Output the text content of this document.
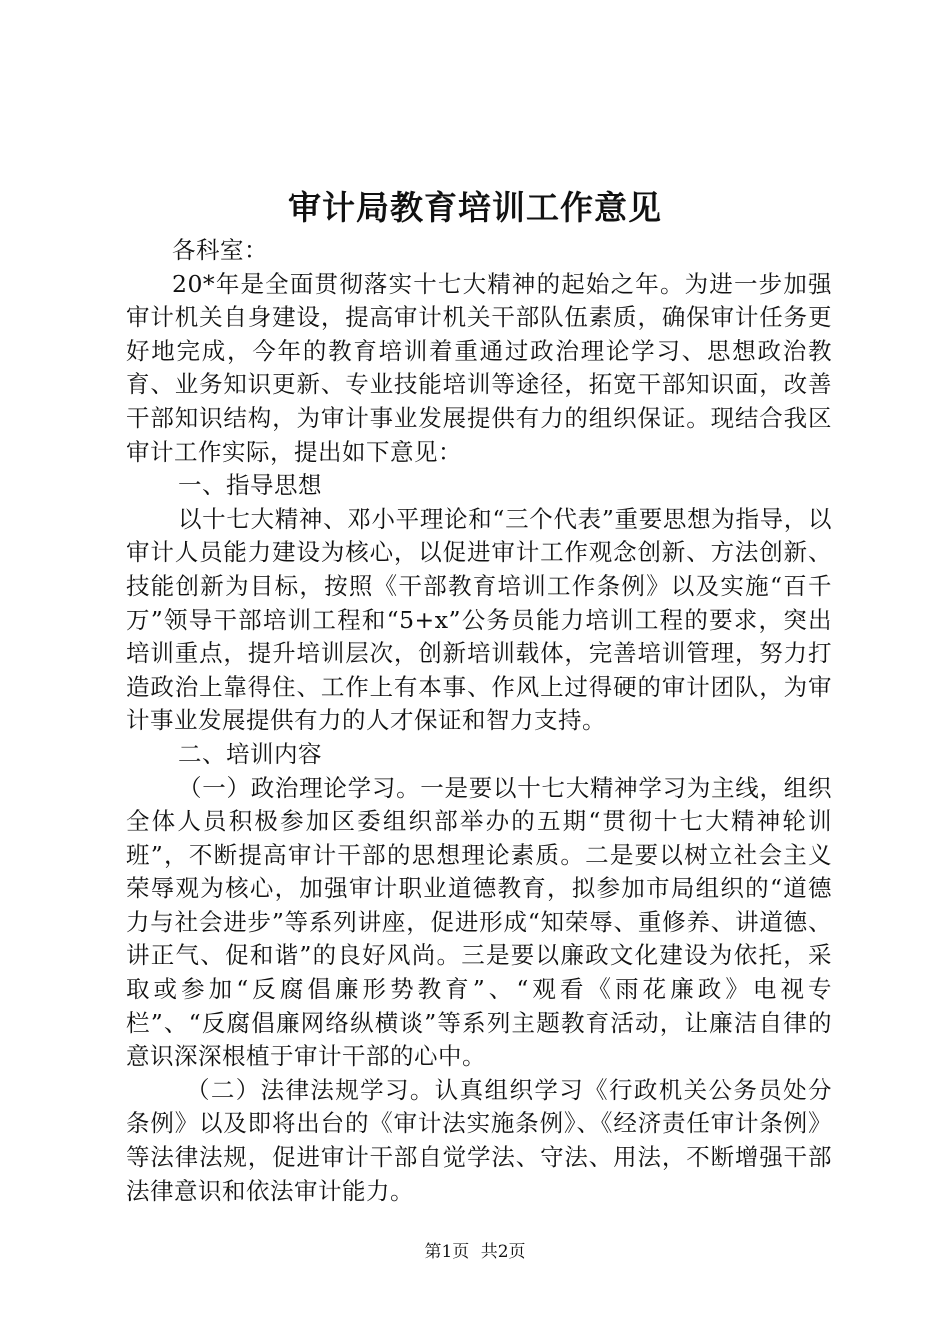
审计局教育培训工作意见

各科室：

20*年是全面贯彻落实十七大精神的起始之年。为进一步加强审计机关自身建设，提高审计机关干部队伍素质，确保审计任务更好地完成，今年的教育培训着重通过政治理论学习、思想政治教育、业务知识更新、专业技能培训等途径，拓宽干部知识面，改善干部知识结构，为审计事业发展提供有力的组织保证。现结合我区审计工作实际，提出如下意见：

一、指导思想

以十七大精神、邓小平理论和“三个代表”重要思想为指导，以审计人员能力建设为核心，以促进审计工作观念创新、方法创新、技能创新为目标，按照《干部教育培训工作条例》以及实施“百千万”领导干部培训工程和“5+x”公务员能力培训工程的要求，突出培训重点，提升培训层次，创新培训载体，完善培训管理，努力打造政治上靠得住、工作上有本事、作风上过得硬的审计团队，为审计事业发展提供有力的人才保证和智力支持。

二、培训内容

（一）政治理论学习。一是要以十七大精神学习为主线，组织全体人员积极参加区委组织部举办的五期“贯彻十七大精神轮训班”，不断提高审计干部的思想理论素质。二是要以树立社会主义荣辱观为核心，加强审计职业道德教育，拟参加市局组织的“道德力与社会进步”等系列讲座，促进形成“知荣辱、重修养、讲道德、讲正气、促和谐”的良好风尚。三是要以廉政文化建设为依托，采取或参加“反腐倡廉形势教育”、“观看《雨花廉政》电视专栏”、“反腐倡廉网络纵横谈”等系列主题教育活动，让廉洁自律的意识深深根植于审计干部的心中。

（二）法律法规学习。认真组织学习《行政机关公务员处分条例》以及即将出台的《审计法实施条例》、《经济责任审计条例》等法律法规，促进审计干部自觉学法、守法、用法，不断增强干部法律意识和依法审计能力。

第1页 共2页
